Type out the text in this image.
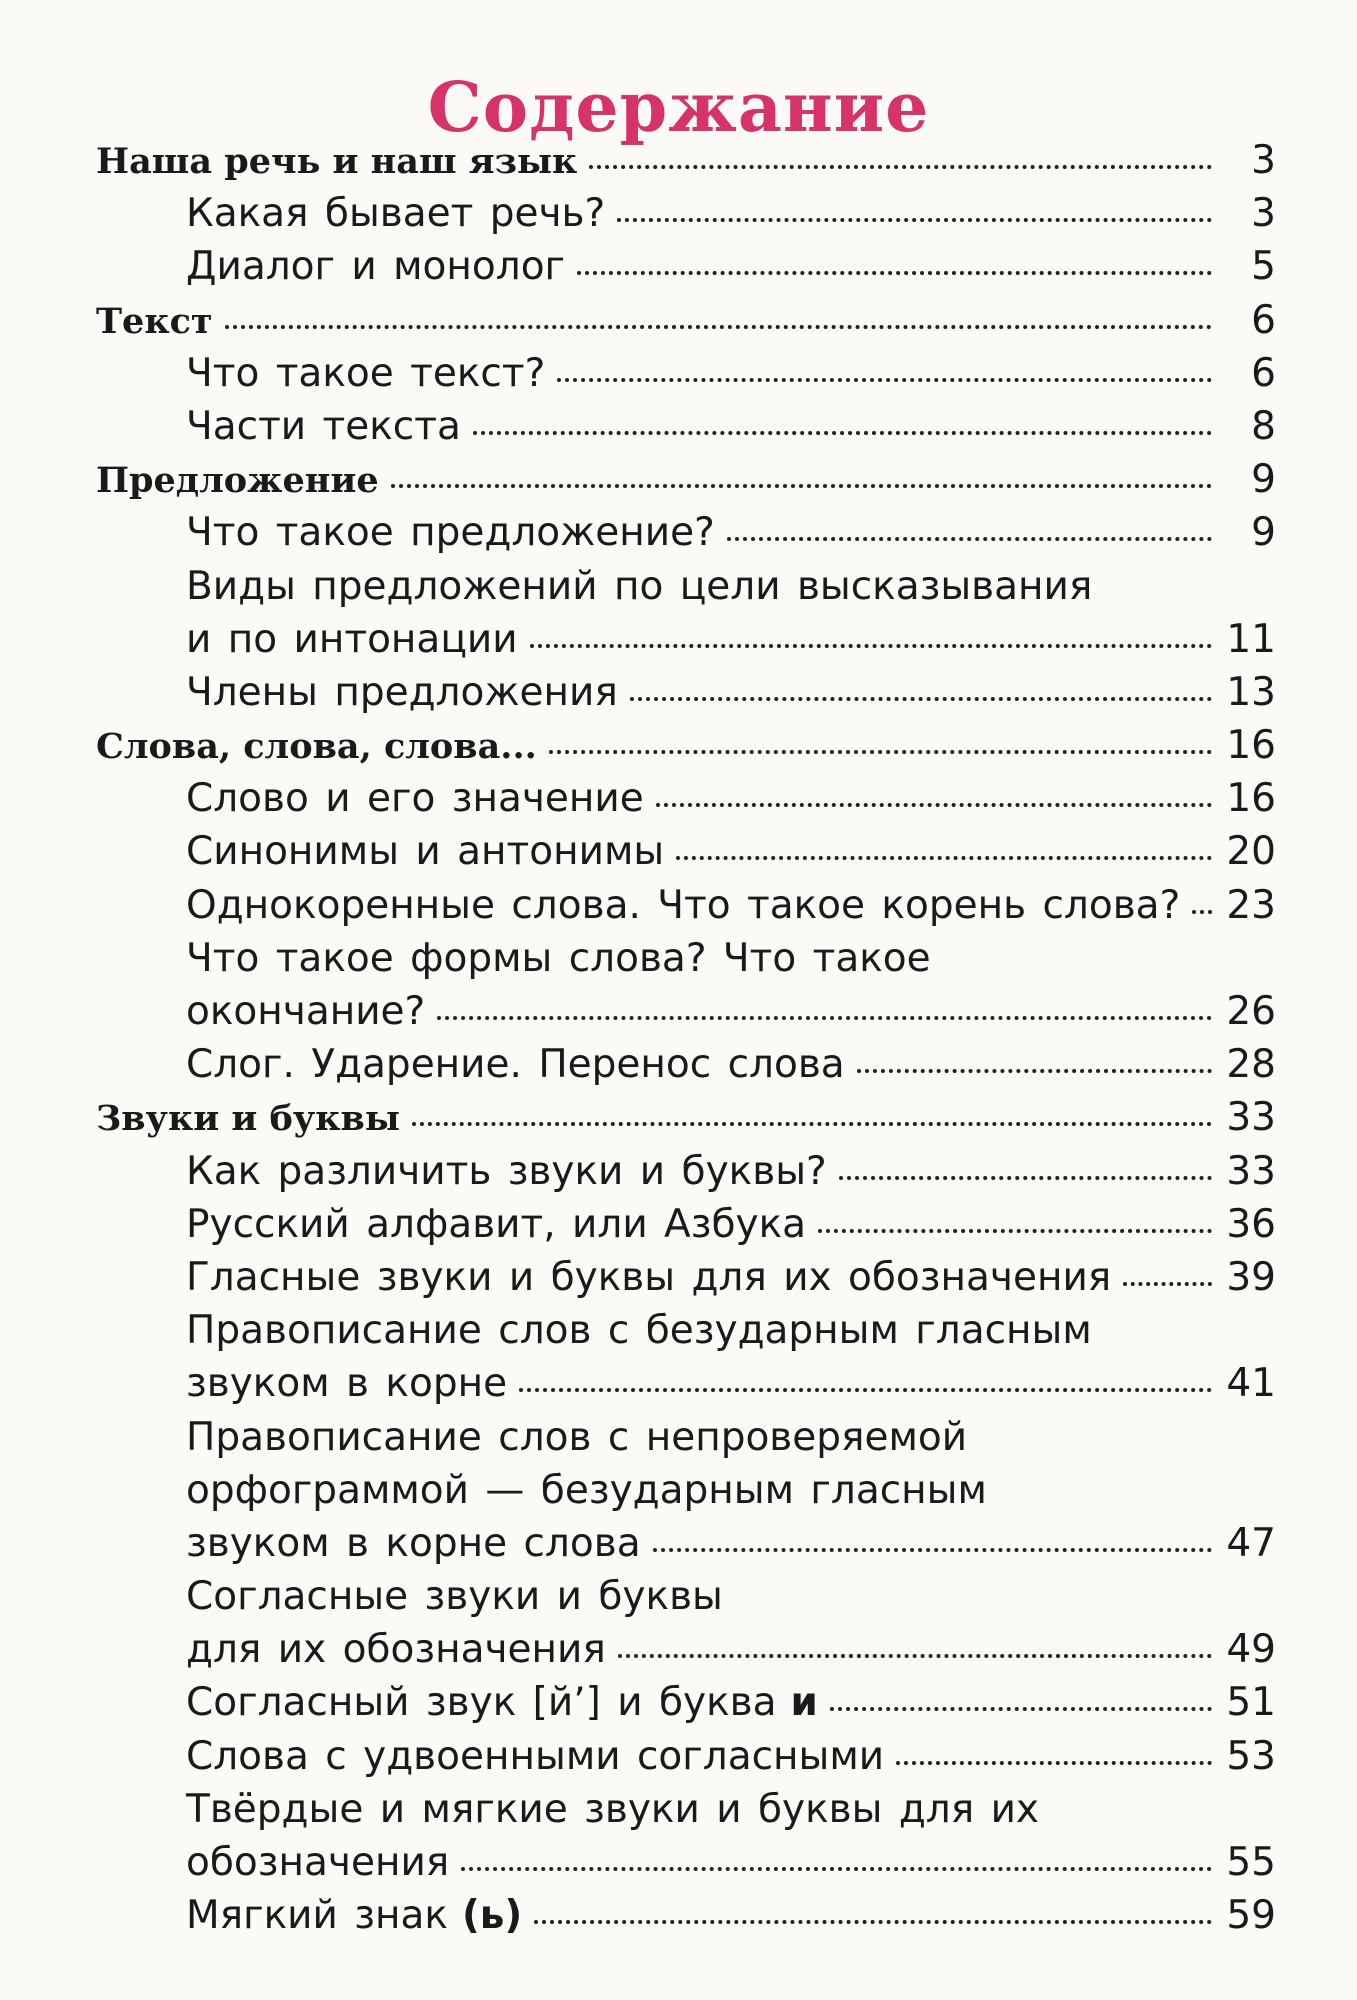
Содержание
Наша речь и наш язык	3
Какая бывает речь?	3
Диалог и монолог	5
Текст	6
Что такое текст?	6
Части текста	8
Предложение	9
Что такое предложение?	9
Виды предложений по цели высказывания
и по интонации	11
Члены предложения	13
Слова, слова, слова...	16
Слово и его значение	16
Синонимы и антонимы	20
Однокоренные слова. Что такое корень слова? 23
Что такое формы слова? Что такое
окончание?	26
Слог. Ударение. Перенос слова	28
Звуки и буквы	33
Как различить звуки и буквы?	33
Русский алфавит, или Азбука	36
Гласные звуки и буквы для их обозначения	39
Правописание слов с безударным гласным
звуком в корне	41
Правописание слов с непроверяемой
орфограммой — безударным гласным
звуком в корне слова	47
Согласные звуки и буквы
для их обозначения	49
Согласный звук [й’] и буква и	51
Слова с удвоенными согласными	53
Твёрдые и мягкие звуки и буквы для их
обозначения	55
Мягкий знак (ь)	59
